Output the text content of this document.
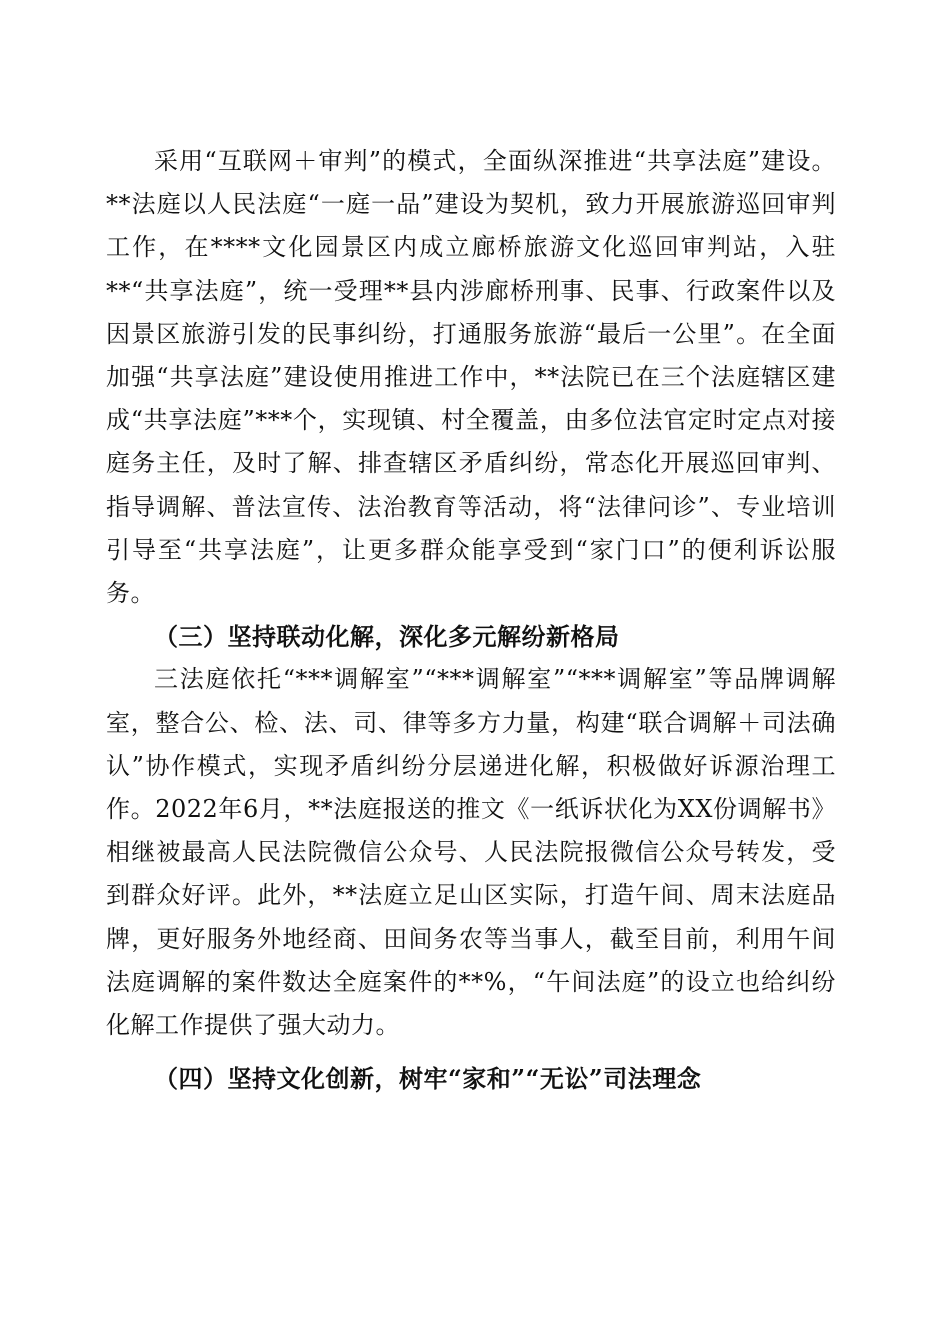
采用“互联网＋审判”的模式，全面纵深推进“共享法庭”建设。**法庭以人民法庭“一庭一品”建设为契机，致力开展旅游巡回审判工作，在****文化园景区内成立廊桥旅游文化巡回审判站，入驻**“共享法庭”，统一受理**县内涉廊桥刑事、民事、行政案件以及因景区旅游引发的民事纠纷，打通服务旅游“最后一公里”。在全面加强“共享法庭”建设使用推进工作中，**法院已在三个法庭辖区建成“共享法庭”***个，实现镇、村全覆盖，由多位法官定时定点对接庭务主任，及时了解、排查辖区矛盾纠纷，常态化开展巡回审判、指导调解、普法宣传、法治教育等活动，将“法律问诊”、专业培训引导至“共享法庭”，让更多群众能享受到“家门口”的便利诉讼服务。

（三）坚持联动化解，深化多元解纷新格局

三法庭依托“***调解室”“***调解室”“***调解室”等品牌调解室，整合公、检、法、司、律等多方力量，构建“联合调解＋司法确认”协作模式，实现矛盾纠纷分层递进化解，积极做好诉源治理工作。2022年6月，**法庭报送的推文《一纸诉状化为XX份调解书》相继被最高人民法院微信公众号、人民法院报微信公众号转发，受到群众好评。此外，**法庭立足山区实际，打造午间、周末法庭品牌，更好服务外地经商、田间务农等当事人，截至目前，利用午间法庭调解的案件数达全庭案件的**%，“午间法庭”的设立也给纠纷化解工作提供了强大动力。

（四）坚持文化创新，树牢“家和”“无讼”司法理念
